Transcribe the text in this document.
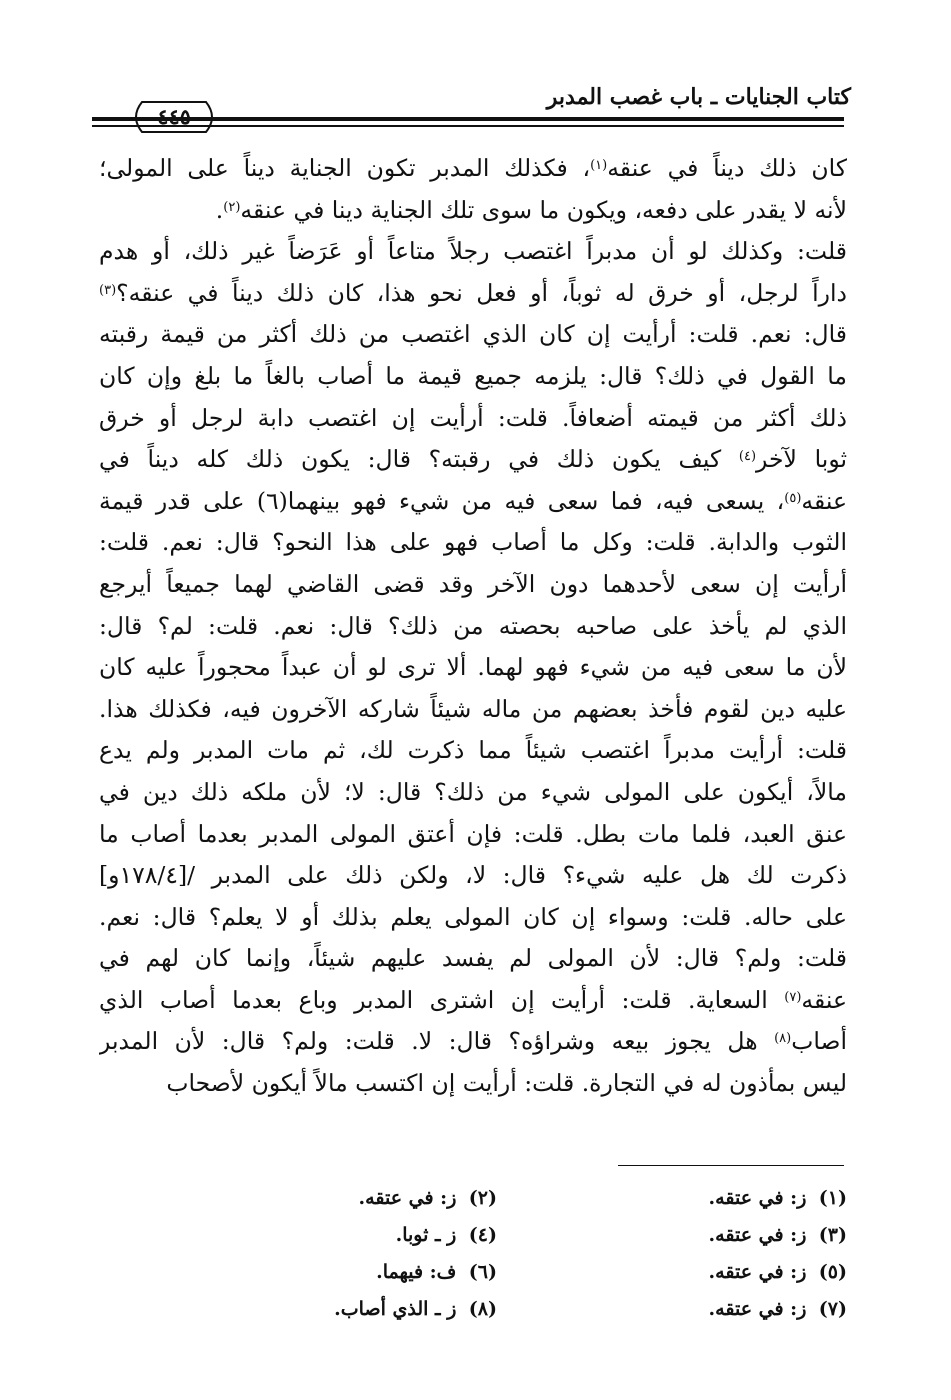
كتاب الجنايات ـ باب غصب المدبر
كان ذلك ديناً في عنقه$^{(١)}$، فكذلك المدبر تكون الجناية ديناً على المولى؛
لأنه لا يقدر على دفعه، ويكون ما سوى تلك الجناية دينا في عنقه$^{(٢)}$.
قلت: وكذلك لو أن مدبراً اغتصب رجلاً متاعاً أو عَرَضاً غير ذلك، أو هدم
داراً لرجل، أو خرق له ثوباً، أو فعل نحو هذا، كان ذلك ديناً في عنقه؟$^{(٣)}$
قال: نعم. قلت: أرأيت إن كان الذي اغتصب من ذلك أكثر من قيمة رقبته
ما القول في ذلك؟ قال: يلزمه جميع قيمة ما أصاب بالغاً ما بلغ وإن كان
ذلك أكثر من قيمته أضعافاً. قلت: أرأيت إن اغتصب دابة لرجل أو خرق
ثوبا لآخر$^{(٤)}$ كيف يكون ذلك في رقبته؟ قال: يكون ذلك كله ديناً في
عنقه$^{(٥)}$، يسعى فيه، فما سعى فيه من شيء فهو بينهما(٦) على قدر قيمة
الثوب والدابة. قلت: وكل ما أصاب فهو على هذا النحو؟ قال: نعم. قلت:
أرأيت إن سعى لأحدهما دون الآخر وقد قضى القاضي لهما جميعاً أيرجع
الذي لم يأخذ على صاحبه بحصته من ذلك؟ قال: نعم. قلت: لم؟ قال:
لأن ما سعى فيه من شيء فهو لهما. ألا ترى لو أن عبداً محجوراً عليه كان
عليه دين لقوم فأخذ بعضهم من ماله شيئاً شاركه الآخرون فيه، فكذلك هذا.
قلت: أرأيت مدبراً اغتصب شيئاً مما ذكرت لك، ثم مات المدبر ولم يدع
مالاً، أيكون على المولى شيء من ذلك؟ قال: لا؛ لأن ملكه ذلك دين في
عنق العبد، فلما مات بطل. قلت: فإن أعتق المولى المدبر بعدما أصاب ما
ذكرت لك هل عليه شيء؟ قال: لا، ولكن ذلك على المدبر /[١٧٨/٤و]
على حاله. قلت: وسواء إن كان المولى يعلم بذلك أو لا يعلم؟ قال: نعم.
قلت: ولم؟ قال: لأن المولى لم يفسد عليهم شيئاً، وإنما كان لهم في
عنقه$^{(٧)}$ السعاية. قلت: أرأيت إن اشترى المدبر وباع بعدما أصاب الذي
أصاب$^{(٨)}$ هل يجوز بيعه وشراؤه؟ قال: لا. قلت: ولم؟ قال: لأن المدبر
ليس بمأذون له في التجارة. قلت: أرأيت إن اكتسب مالاً أيكون لأصحاب
(١) ز: في عتقه.
(٣) ز: في عتقه.
(٥) ز: في عتقه.
(٧) ز: في عتقه.
(٢) ز: في عتقه.
(٤) ز ـ ثوبا.
(٦) ف: فيهما.
(٨) ز ـ الذي أصاب.
